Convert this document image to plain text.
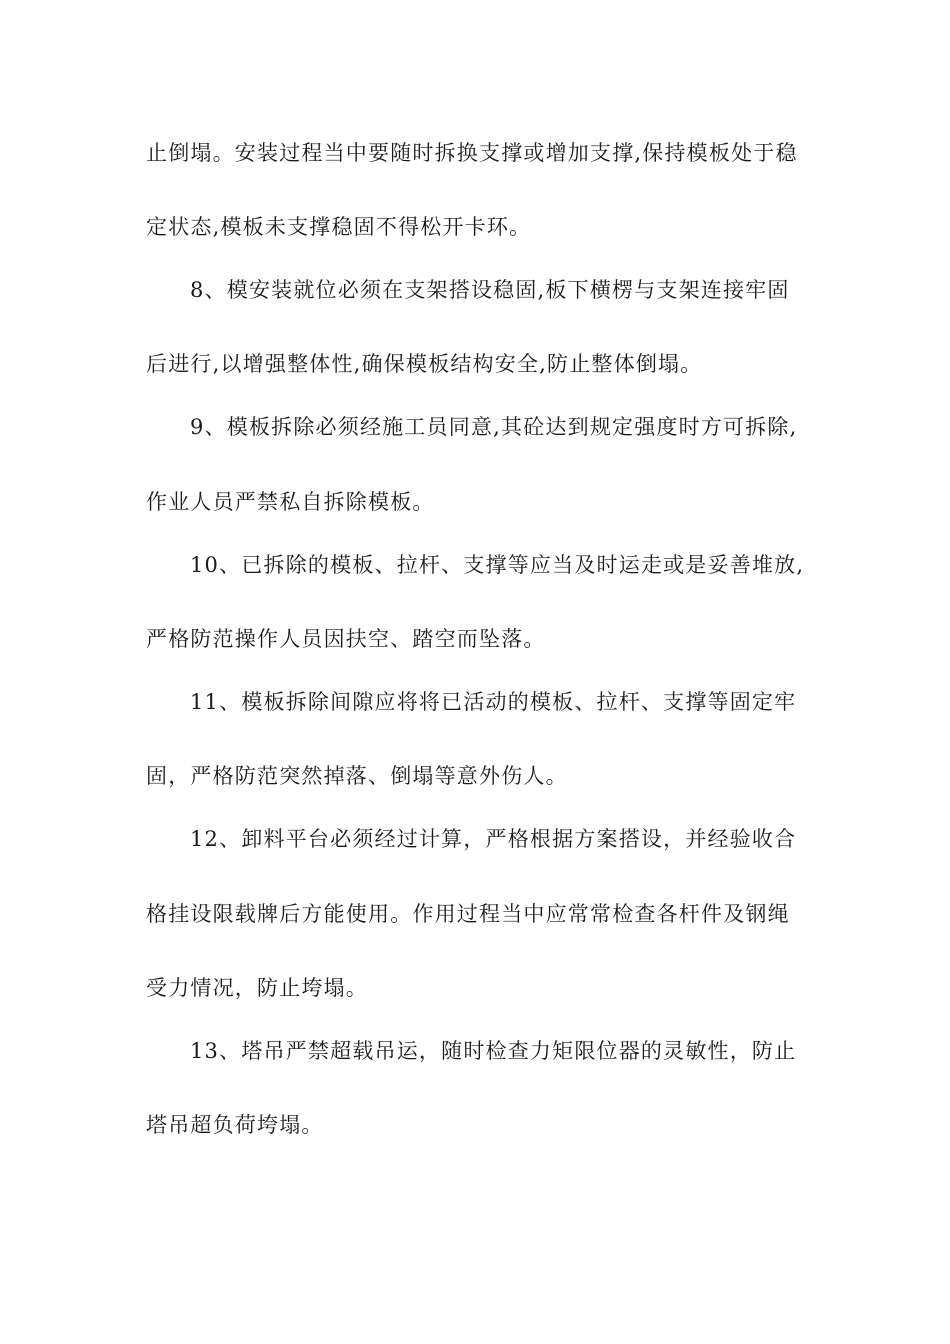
止倒塌。安装过程当中要随时拆换支撑或增加支撑,保持模板处于稳
定状态,模板未支撑稳固不得松开卡环。
8、模安装就位必须在支架搭设稳固,板下横楞与支架连接牢固
后进行,以增强整体性,确保模板结构安全,防止整体倒塌。
9、模板拆除必须经施工员同意,其砼达到规定强度时方可拆除,
作业人员严禁私自拆除模板。
10、已拆除的模板、拉杆、支撑等应当及时运走或是妥善堆放,
严格防范操作人员因扶空、踏空而坠落。
11、模板拆除间隙应将将已活动的模板、拉杆、支撑等固定牢
固，严格防范突然掉落、倒塌等意外伤人。
12、卸料平台必须经过计算，严格根据方案搭设，并经验收合
格挂设限载牌后方能使用。作用过程当中应常常检查各杆件及钢绳
受力情况，防止垮塌。
13、塔吊严禁超载吊运，随时检查力矩限位器的灵敏性，防止
塔吊超负荷垮塌。
